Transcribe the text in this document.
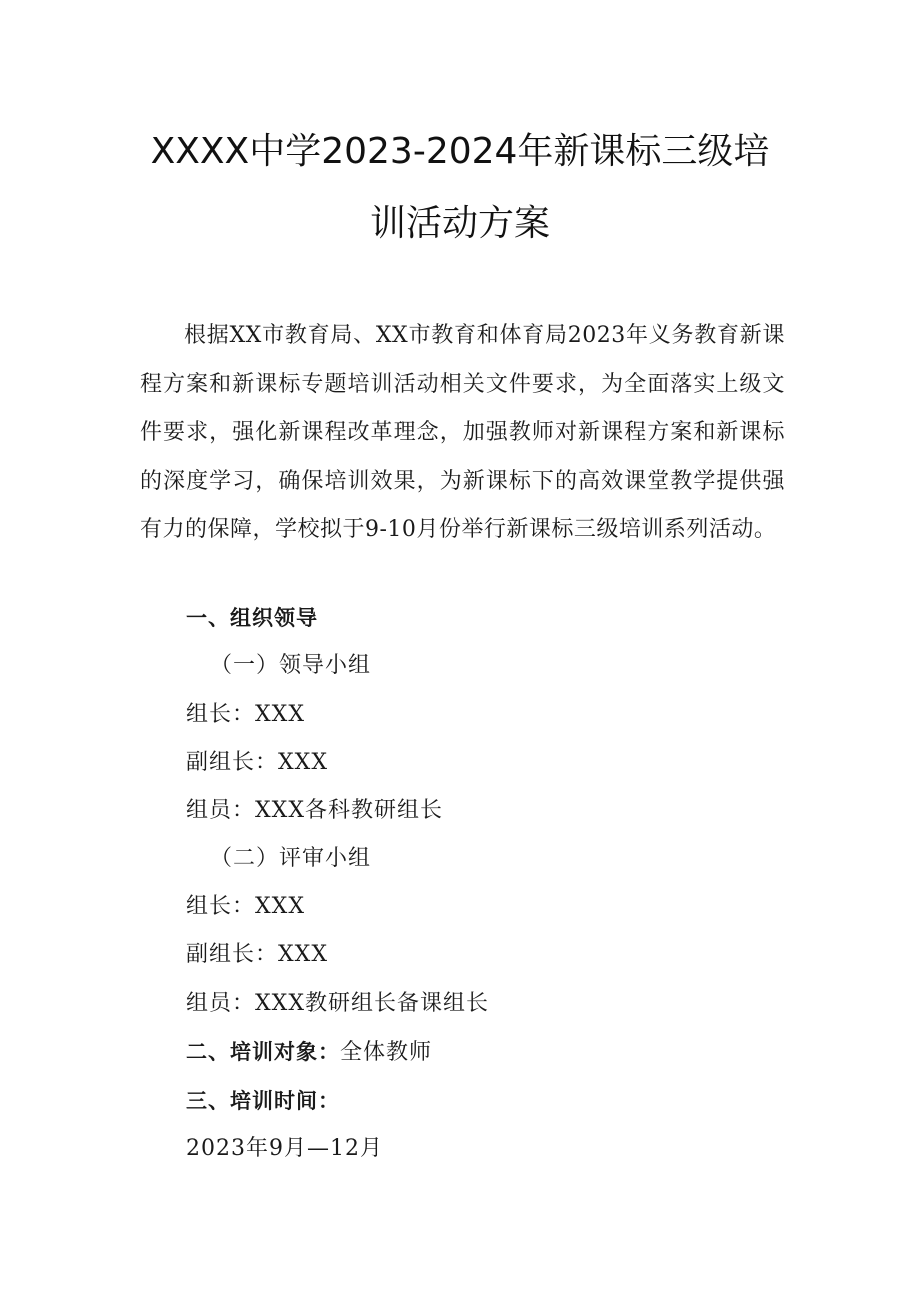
XXXX中学2023-2024年新课标三级培
训活动方案

根据XX市教育局、XX市教育和体育局2023年义务教育新课程方案和新课标专题培训活动相关文件要求，为全面落实上级文件要求，强化新课程改革理念，加强教师对新课程方案和新课标的深度学习，确保培训效果，为新课标下的高效课堂教学提供强有力的保障，学校拟于9-10月份举行新课标三级培训系列活动。

一、组织领导

（一）领导小组

组长：XXX

副组长：XXX

组员：XXX各科教研组长

（二）评审小组

组长：XXX

副组长：XXX

组员：XXX教研组长备课组长

二、培训对象：全体教师

三、培训时间：

2023年9月—12月
